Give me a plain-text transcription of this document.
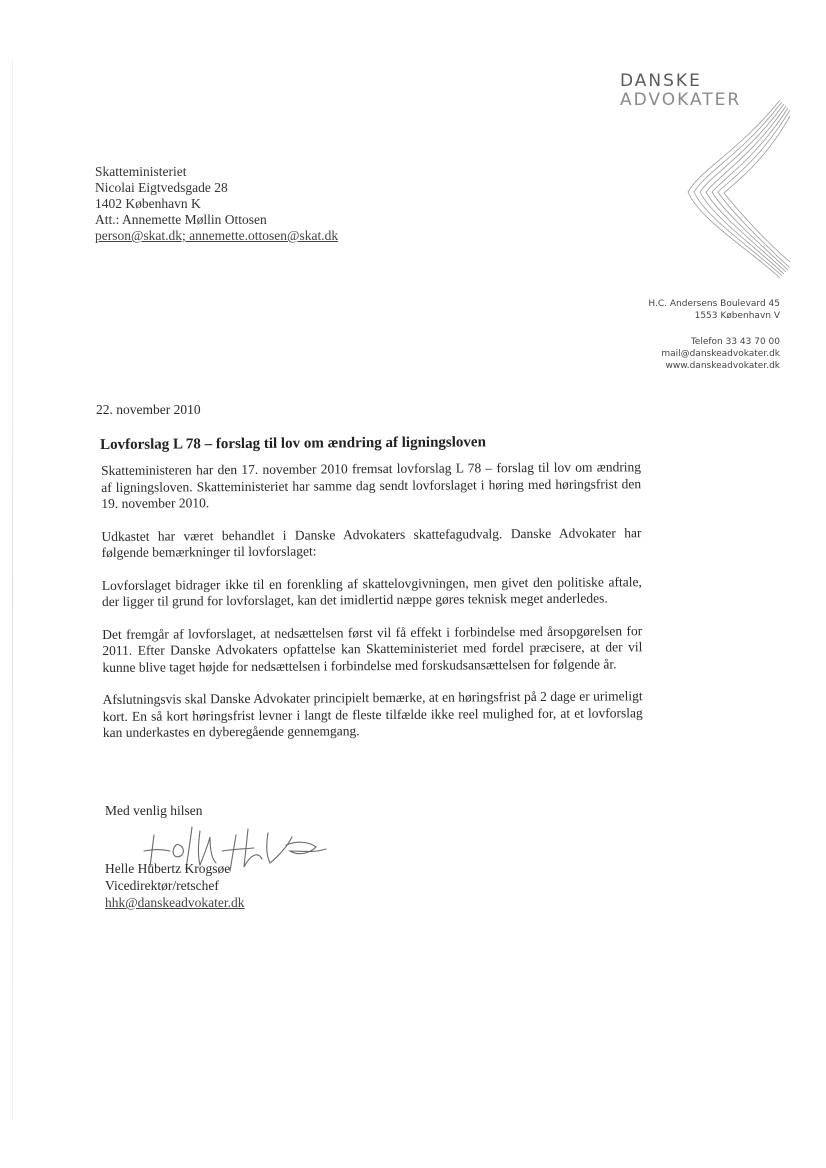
DANSKE
ADVOKATER
H.C. Andersens Boulevard 45
1553 København V
Telefon 33 43 70 00
mail@danskeadvokater.dk
www.danskeadvokater.dk
Skatteministeriet
Nicolai Eigtvedsgade 28
1402 København K
Att.: Annemette Møllin Ottosen
person@skat.dk; annemette.ottosen@skat.dk
22. november 2010
Lovforslag L 78 – forslag til lov om ændring af ligningsloven

Skatteministeren har den 17. november 2010 fremsat lovforslag L 78 – forslag til lov om ændring af ligningsloven. Skatteministeriet har samme dag sendt lovforslaget i høring med høringsfrist den 19. november 2010.

Udkastet har været behandlet i Danske Advokaters skattefagudvalg. Danske Advokater har følgende bemærkninger til lovforslaget:

Lovforslaget bidrager ikke til en forenkling af skattelovgivningen, men givet den politiske aftale, der ligger til grund for lovforslaget, kan det imidlertid næppe gøres teknisk meget anderledes.

Det fremgår af lovforslaget, at nedsættelsen først vil få effekt i forbindelse med årsopgørelsen for 2011. Efter Danske Advokaters opfattelse kan Skatteministeriet med fordel præcisere, at der vil kunne blive taget højde for nedsættelsen i forbindelse med forskudsansættelsen for følgende år.

Afslutningsvis skal Danske Advokater principielt bemærke, at en høringsfrist på 2 dage er urimeligt kort. En så kort høringsfrist levner i langt de fleste tilfælde ikke reel mulighed for, at et lovforslag kan underkastes en dyberegående gennemgang.

Med venlig hilsen
Helle Hübertz Krogsøe
Vicedirektør/retschef
hhk@danskeadvokater.dk
